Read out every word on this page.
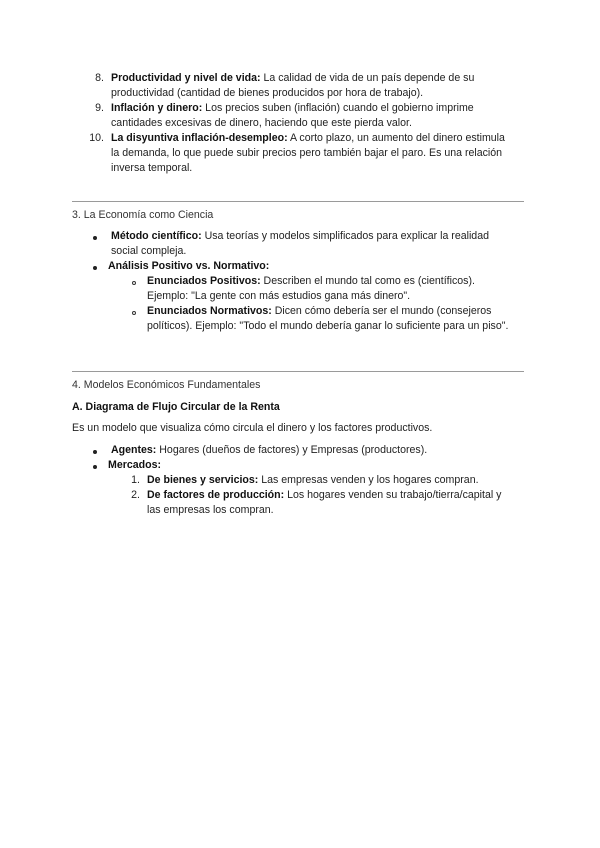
8. Productividad y nivel de vida: La calidad de vida de un país depende de su
productividad (cantidad de bienes producidos por hora de trabajo).
9. Inflación y dinero: Los precios suben (inflación) cuando el gobierno imprime
cantidades excesivas de dinero, haciendo que este pierda valor.
10. La disyuntiva inflación-desempleo: A corto plazo, un aumento del dinero estimula
la demanda, lo que puede subir precios pero también bajar el paro. Es una relación
inversa temporal.
3. La Economía como Ciencia
Método científico: Usa teorías y modelos simplificados para explicar la realidad
social compleja.
Análisis Positivo vs. Normativo:
Enunciados Positivos: Describen el mundo tal como es (científicos).
Ejemplo: "La gente con más estudios gana más dinero".
Enunciados Normativos: Dicen cómo debería ser el mundo (consejeros
políticos). Ejemplo: "Todo el mundo debería ganar lo suficiente para un piso".
4. Modelos Económicos Fundamentales
A. Diagrama de Flujo Circular de la Renta
Es un modelo que visualiza cómo circula el dinero y los factores productivos.
Agentes: Hogares (dueños de factores) y Empresas (productores).
Mercados:
1. De bienes y servicios: Las empresas venden y los hogares compran.
2. De factores de producción: Los hogares venden su trabajo/tierra/capital y
las empresas los compran.
